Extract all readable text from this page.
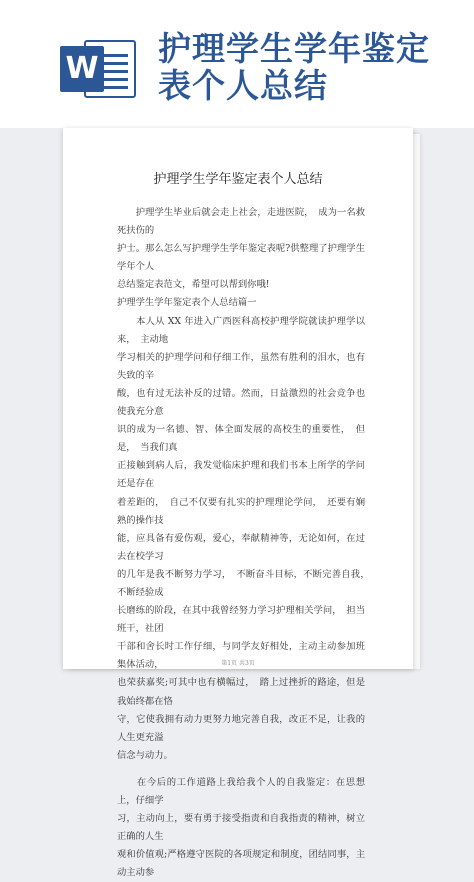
W
护理学生学年鉴定
表个人总结
护理学生学年鉴定表个人总结

　　护理学生毕业后就会走上社会，走进医院，　成为一名救死扶伤的

护士。那么怎么写护理学生学年鉴定表呢?供整理了护理学生学年个人

总结鉴定表范文，希望可以帮到你哦!

护理学生学年鉴定表个人总结篇一

　　本人从 XX 年进入广西医科高校护理学院就读护理学以来，　主动地

学习相关的护理学问和仔细工作，虽然有胜利的泪水，也有失致的辛

酸，也有过无法补反的过错。然而，日益激烈的社会竞争也使我充分意

识的成为一名德、智、体全面发展的高校生的重要性，　但是，　当我们真

正接触到病人后，我发觉临床护理和我们书本上所学的学问还是存在

着差距的，　自己不仅要有扎实的护理理论学问，　还要有娴熟的操作技

能，应具备有爱伤观，爱心，奉献精神等，无论如何，在过去在校学习

的几年是我不断努力学习，　不断奋斗目标，不断完善自我，　不断经验成

长磨练的阶段，在其中我曾经努力学习护理相关学问，　担当班干，社团

干部和舍长时工作仔细，与同学友好相处，主动主动参加班集体活动，

也荣获嘉奖;可其中也有横幅过，　踏上过挫折的路途，但是我始终都在恪

守，它使我拥有动力更努力地完善自我，改正不足，让我的人生更充溢

信念与动力。

　　在今后的工作道路上我给我个人的自我鉴定：在思想上，仔细学

习，主动向上，要有勇于接受指责和自我指责的精神，树立正确的人生

观和价值观;严格遵守医院的各项规定和制度，团结同事，主动主动参

第1页 共3页
